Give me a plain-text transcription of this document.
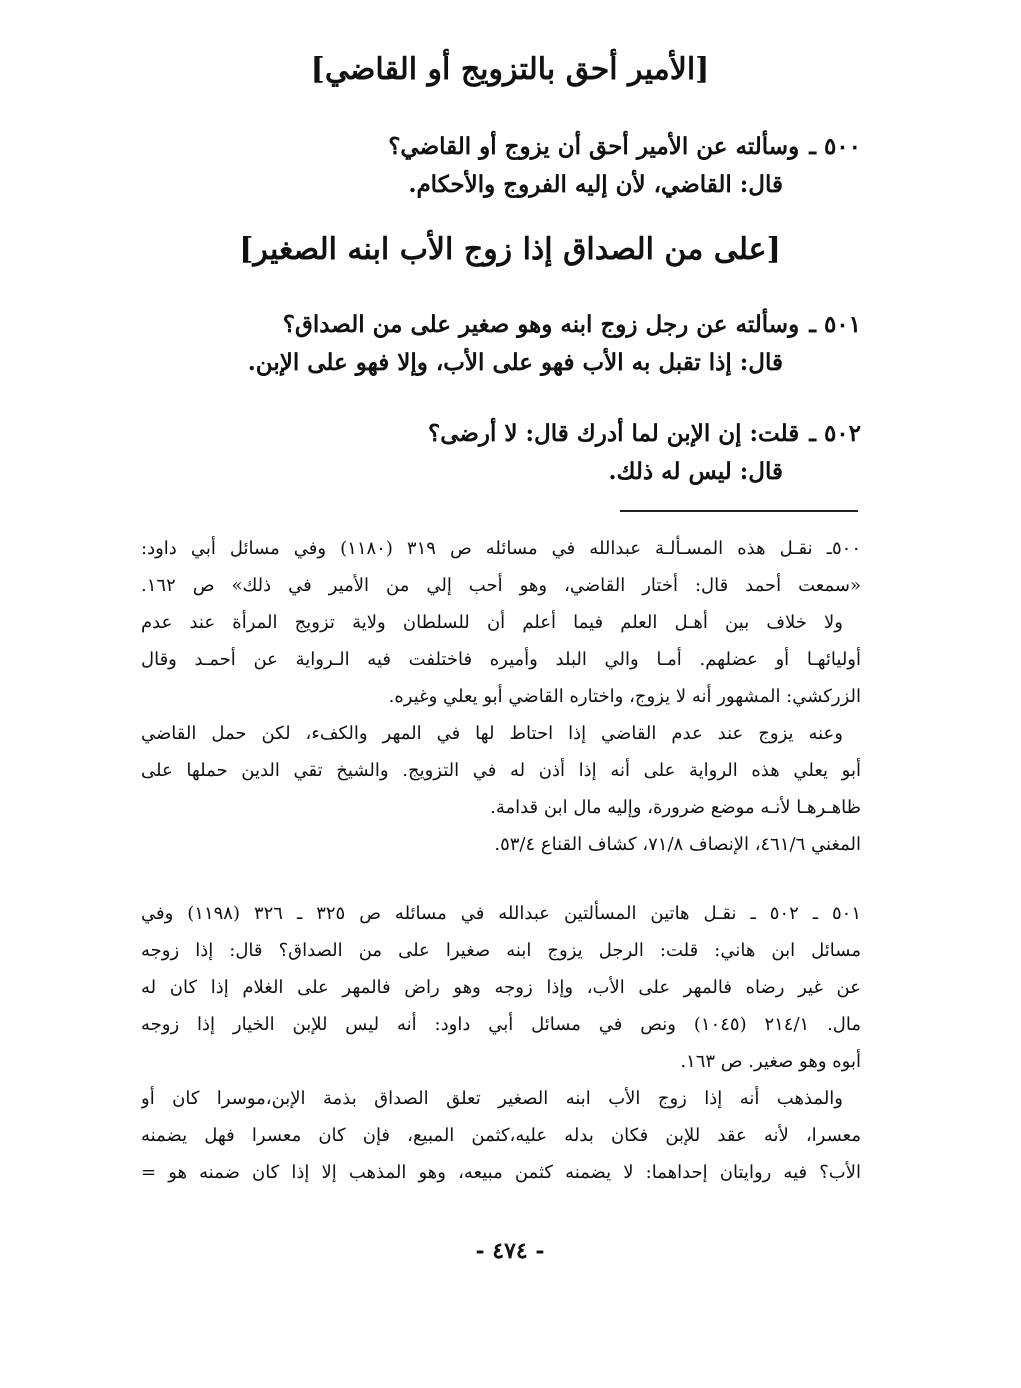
[الأمير أحق بالتزويج أو القاضي]
٥٠٠ ـوسألته عن الأمير أحق أن يزوج أو القاضي؟
قال: القاضي، لأن إليه الفروج والأحكام.
[على من الصداق إذا زوج الأب ابنه الصغير]
٥٠١ ـوسألته عن رجل زوج ابنه وهو صغير على من الصداق؟
قال: إذا تقبل به الأب فهو على الأب، وإلا فهو على الإبن.
٥٠٢ ـقلت: إن الإبن لما أدرك قال: لا أرضى؟
قال: ليس له ذلك.
٥٠٠ـ نقـل هذه المسـألـة عبدالله في مسائله ص ٣١٩ (١١٨٠) وفي مسائل أبي داود:
«سمعت أحمد قال: أختار القاضي، وهو أحب إلي من الأمير في ذلك» ص ١٦٢.
ولا خلاف بين أهـل العلم فيما أعلم أن للسلطان ولاية تزويج المرأة عند عدم
أوليائهـا أو عضلهم. أمـا والي البلد وأميره فاختلفت فيه الـرواية عن أحمـد وقال
الزركشي: المشهور أنه لا يزوج، واختاره القاضي أبو يعلي وغيره.
وعنه يزوج عند عدم القاضي إذا احتاط لها في المهر والكفء، لكن حمل القاضي
أبو يعلي هذه الرواية على أنه إذا أذن له في التزويج. والشيخ تقي الدين حملها على
ظاهـرهـا لأنـه موضع ضرورة، وإليه مال ابن قدامة.
المغني ٤٦١/٦، الإنصاف ٧١/٨، كشاف القناع ٥٣/٤.
٥٠١ ـ ٥٠٢ ـ نقـل هاتين المسألتين عبدالله في مسائله ص ٣٢٥ ـ ٣٢٦ (١١٩٨) وفي
مسائل ابن هاني: قلت: الرجل يزوج ابنه صغيرا على من الصداق؟ قال: إذا زوجه
عن غير رضاه فالمهر على الأب، وإذا زوجه وهو راض فالمهر على الغلام إذا كان له
مال. ٢١٤/١ (١٠٤٥) ونص في مسائل أبي داود: أنه ليس للإبن الخيار إذا زوجه
أبوه وهو صغير. ص ١٦٣.
والمذهب أنه إذا زوج الأب ابنه الصغير تعلق الصداق بذمة الإبن،موسرا كان أو
معسرا، لأنه عقد للإبن فكان بدله عليه،كثمن المبيع، فإن كان معسرا فهل يضمنه
الأب؟ فيه روايتان إحداهما: لا يضمنه كثمن مبيعه، وهو المذهب إلا إذا كان ضمنه هو =
- ٤٧٤ -
